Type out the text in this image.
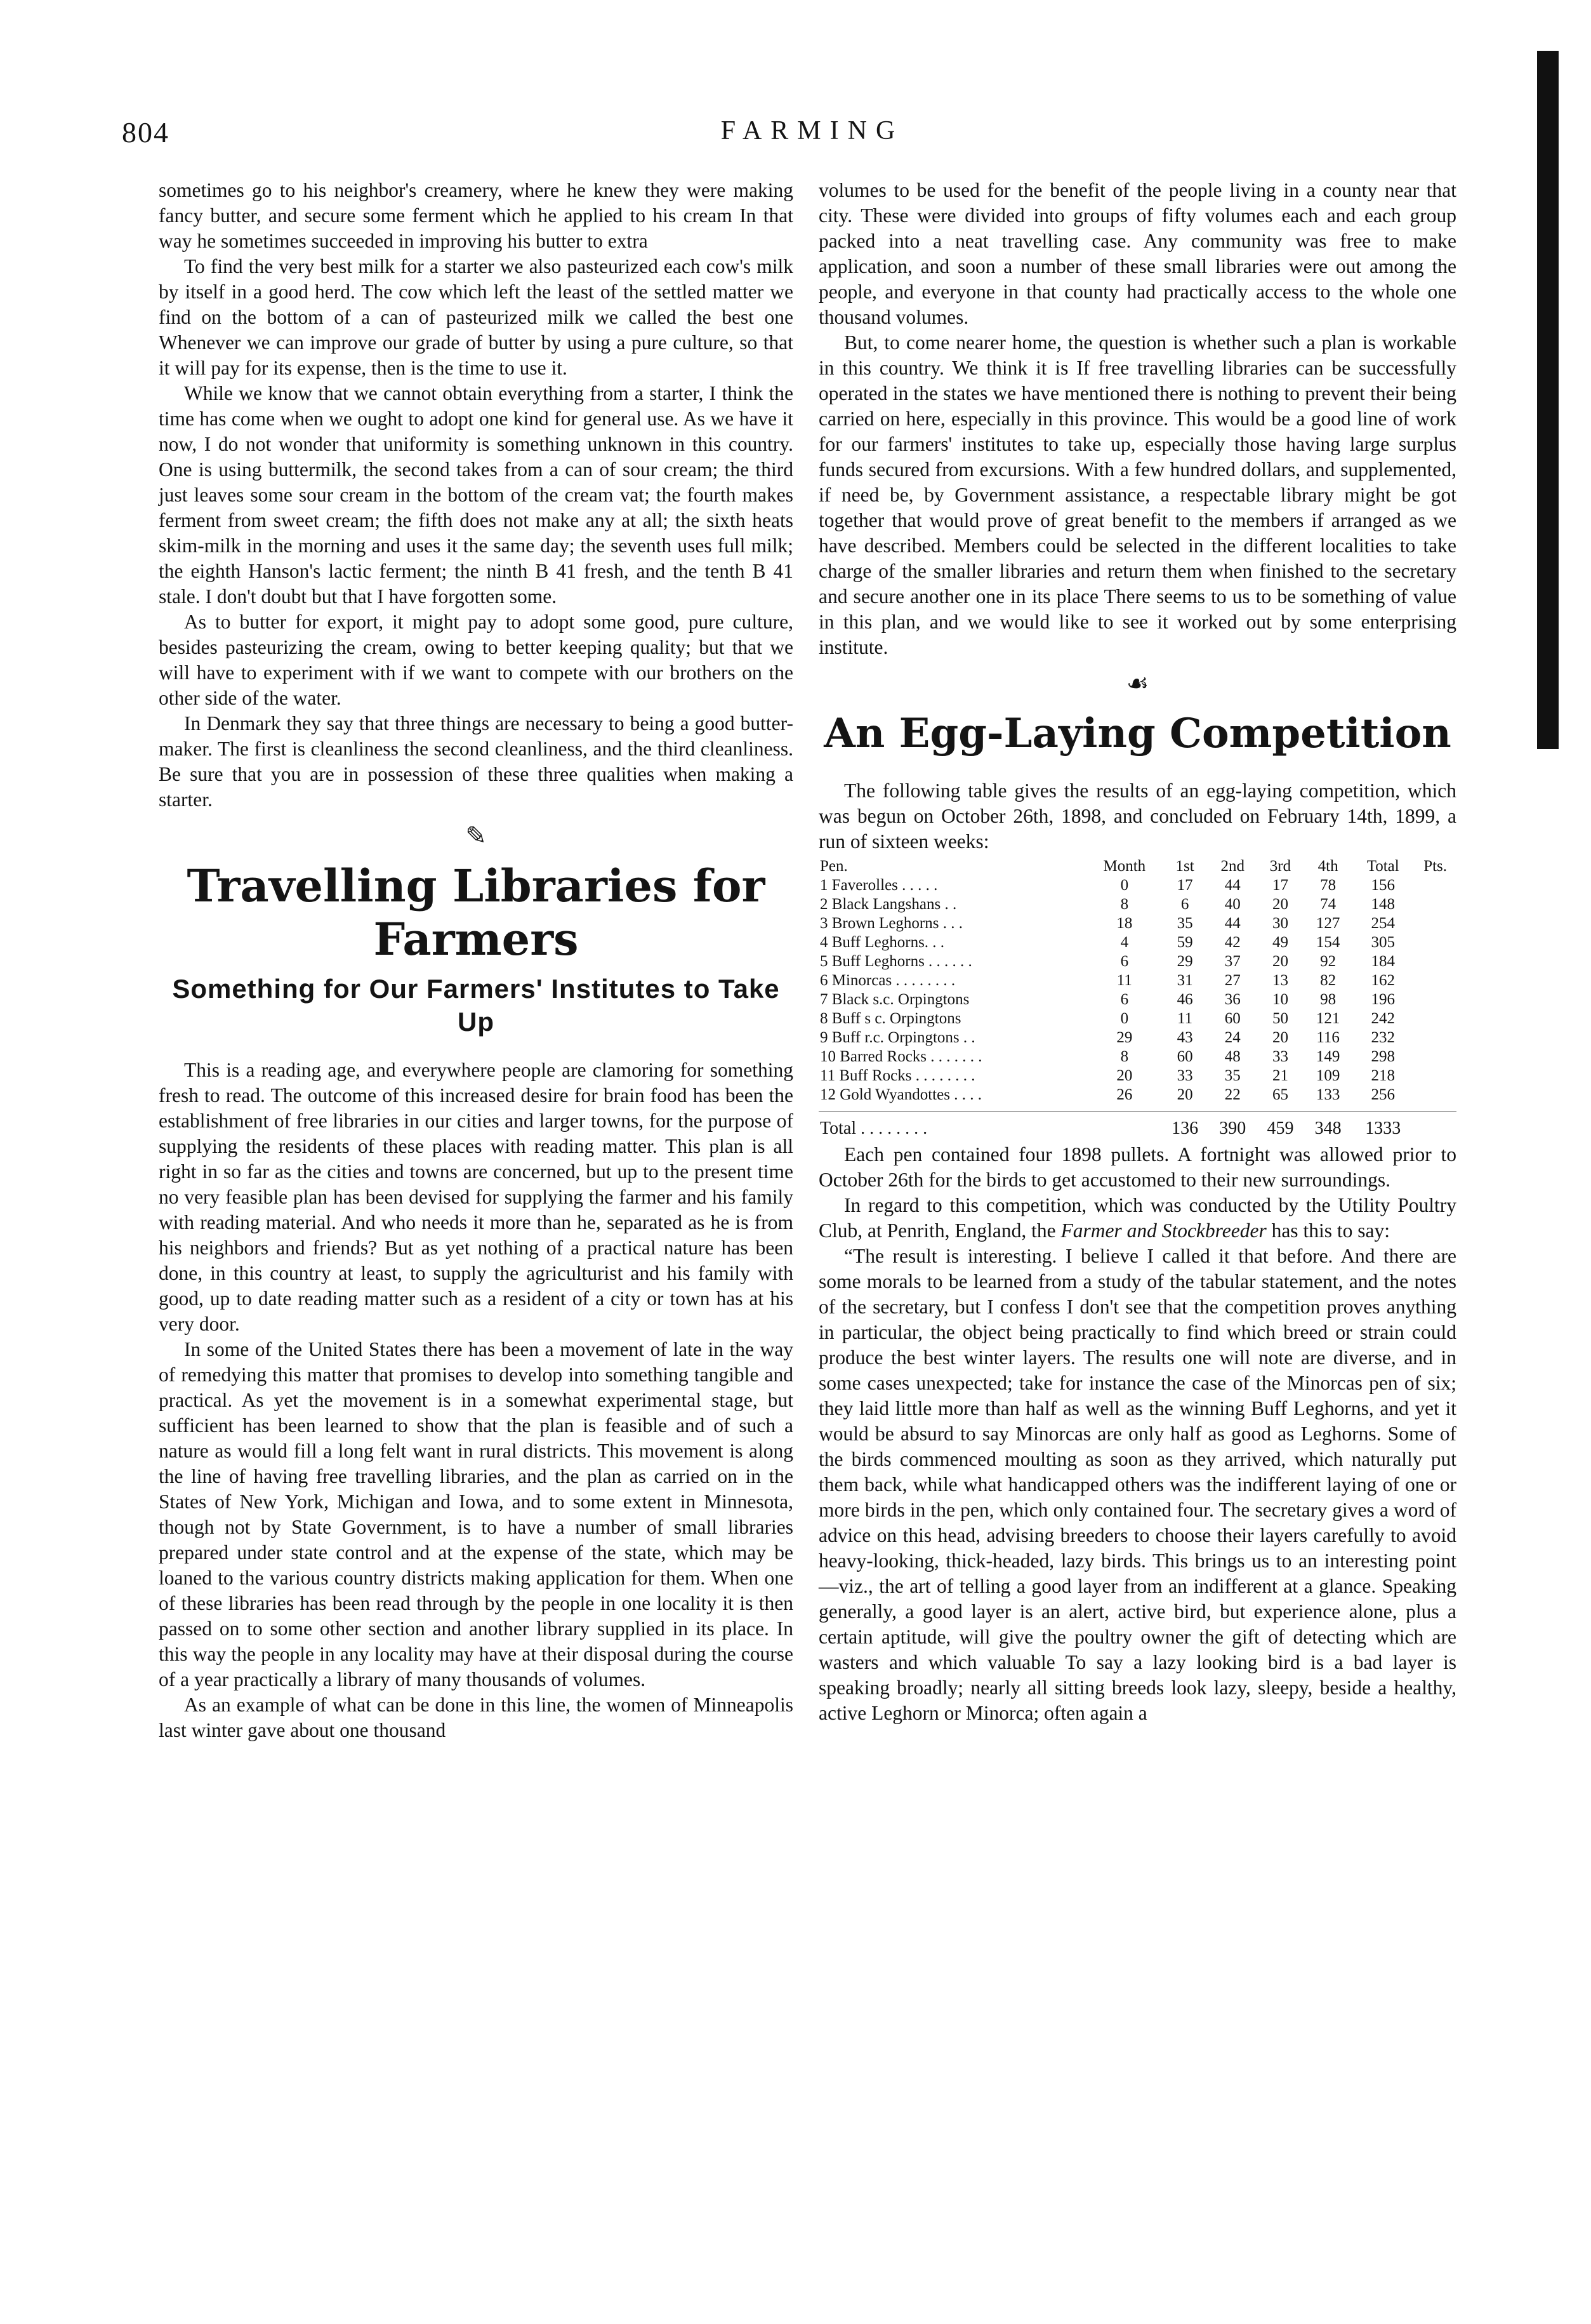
804	FARMING

sometimes go to his neighbor's creamery, where he knew they were making fancy butter, and secure some ferment which he applied to his cream In that way he sometimes succeeded in improving his butter to extra

To find the very best milk for a starter we also pasteurized each cow's milk by itself in a good herd. The cow which left the least of the settled matter we find on the bottom of a can of pasteurized milk we called the best one Whenever we can improve our grade of butter by using a pure culture, so that it will pay for its expense, then is the time to use it.

While we know that we cannot obtain everything from a starter, I think the time has come when we ought to adopt one kind for general use. As we have it now, I do not wonder that uniformity is something unknown in this country. One is using buttermilk, the second takes from a can of sour cream; the third just leaves some sour cream in the bottom of the cream vat; the fourth makes ferment from sweet cream; the fifth does not make any at all; the sixth heats skim-milk in the morning and uses it the same day; the seventh uses full milk; the eighth Hanson's lactic ferment; the ninth B 41 fresh, and the tenth B 41 stale. I don't doubt but that I have forgotten some.

As to butter for export, it might pay to adopt some good, pure culture, besides pasteurizing the cream, owing to better keeping quality; but that we will have to experiment with if we want to compete with our brothers on the other side of the water.

In Denmark they say that three things are necessary to being a good butter-maker. The first is cleanliness the second cleanliness, and the third cleanliness. Be sure that you are in possession of these three qualities when making a starter.

✎
Travelling Libraries for Farmers
Something for Our Farmers' Institutes to Take Up

This is a reading age, and everywhere people are clamoring for something fresh to read. The outcome of this increased desire for brain food has been the establishment of free libraries in our cities and larger towns, for the purpose of supplying the residents of these places with reading matter. This plan is all right in so far as the cities and towns are concerned, but up to the present time no very feasible plan has been devised for supplying the farmer and his family with reading material. And who needs it more than he, separated as he is from his neighbors and friends? But as yet nothing of a practical nature has been done, in this country at least, to supply the agriculturist and his family with good, up to date reading matter such as a resident of a city or town has at his very door.

In some of the United States there has been a movement of late in the way of remedying this matter that promises to develop into something tangible and practical. As yet the movement is in a somewhat experimental stage, but sufficient has been learned to show that the plan is feasible and of such a nature as would fill a long felt want in rural districts. This movement is along the line of having free travelling libraries, and the plan as carried on in the States of New York, Michigan and Iowa, and to some extent in Minnesota, though not by State Government, is to have a number of small libraries prepared under state control and at the expense of the state, which may be loaned to the various country districts making application for them. When one of these libraries has been read through by the people in one locality it is then passed on to some other section and another library supplied in its place. In this way the people in any locality may have at their disposal during the course of a year practically a library of many thousands of volumes.

As an example of what can be done in this line, the women of Minneapolis last winter gave about one thousand

volumes to be used for the benefit of the people living in a county near that city. These were divided into groups of fifty volumes each and each group packed into a neat travelling case. Any community was free to make application, and soon a number of these small libraries were out among the people, and everyone in that county had practically access to the whole one thousand volumes.

But, to come nearer home, the question is whether such a plan is workable in this country. We think it is If free travelling libraries can be successfully operated in the states we have mentioned there is nothing to prevent their being carried on here, especially in this province. This would be a good line of work for our farmers' institutes to take up, especially those having large surplus funds secured from excursions. With a few hundred dollars, and supplemented, if need be, by Government assistance, a respectable library might be got together that would prove of great benefit to the members if arranged as we have described. Members could be selected in the different localities to take charge of the smaller libraries and return them when finished to the secretary and secure another one in its place There seems to us to be something of value in this plan, and we would like to see it worked out by some enterprising institute.

☙
An Egg-Laying Competition

The following table gives the results of an egg-laying competition, which was begun on October 26th, 1898, and concluded on February 14th, 1899, a run of sixteen weeks:

Pen.	Month	1st	2nd	3rd	4th	Total	Pts.
1 Faverolles . . . . .	0	17	44	17	78	156	
2 Black Langshans . .	8	6	40	20	74	148	
3 Brown Leghorns . . .	18	35	44	30	127	254	
4 Buff Leghorns. . .	4	59	42	49	154	305	
5 Buff Leghorns . . . . . .	6	29	37	20	92	184	
6 Minorcas . . . . . . . .	11	31	27	13	82	162	
7 Black s.c. Orpingtons	6	46	36	10	98	196	
8 Buff s c. Orpingtons	0	11	60	50	121	242	
9 Buff r.c. Orpingtons . .	29	43	24	20	116	232	
10 Barred Rocks . . . . . . .	8	60	48	33	149	298	
11 Buff Rocks . . . . . . . .	20	33	35	21	109	218	
12 Gold Wyandottes . . . .	26	20	22	65	133	256	

Total . . . . . . . .		136	390	459	348	1333	

Each pen contained four 1898 pullets. A fortnight was allowed prior to October 26th for the birds to get accustomed to their new surroundings.

In regard to this competition, which was conducted by the Utility Poultry Club, at Penrith, England, the Farmer and Stockbreeder has this to say:

“The result is interesting. I believe I called it that before. And there are some morals to be learned from a study of the tabular statement, and the notes of the secretary, but I confess I don't see that the competition proves anything in particular, the object being practically to find which breed or strain could produce the best winter layers. The results one will note are diverse, and in some cases unexpected; take for instance the case of the Minorcas pen of six; they laid little more than half as well as the winning Buff Leghorns, and yet it would be absurd to say Minorcas are only half as good as Leghorns. Some of the birds commenced moulting as soon as they arrived, which naturally put them back, while what handicapped others was the indifferent laying of one or more birds in the pen, which only contained four. The secretary gives a word of advice on this head, advising breeders to choose their layers carefully to avoid heavy-looking, thick-headed, lazy birds. This brings us to an interesting point—viz., the art of telling a good layer from an indifferent at a glance. Speaking generally, a good layer is an alert, active bird, but experience alone, plus a certain aptitude, will give the poultry owner the gift of detecting which are wasters and which valuable To say a lazy looking bird is a bad layer is speaking broadly; nearly all sitting breeds look lazy, sleepy, beside a healthy, active Leghorn or Minorca; often again a
